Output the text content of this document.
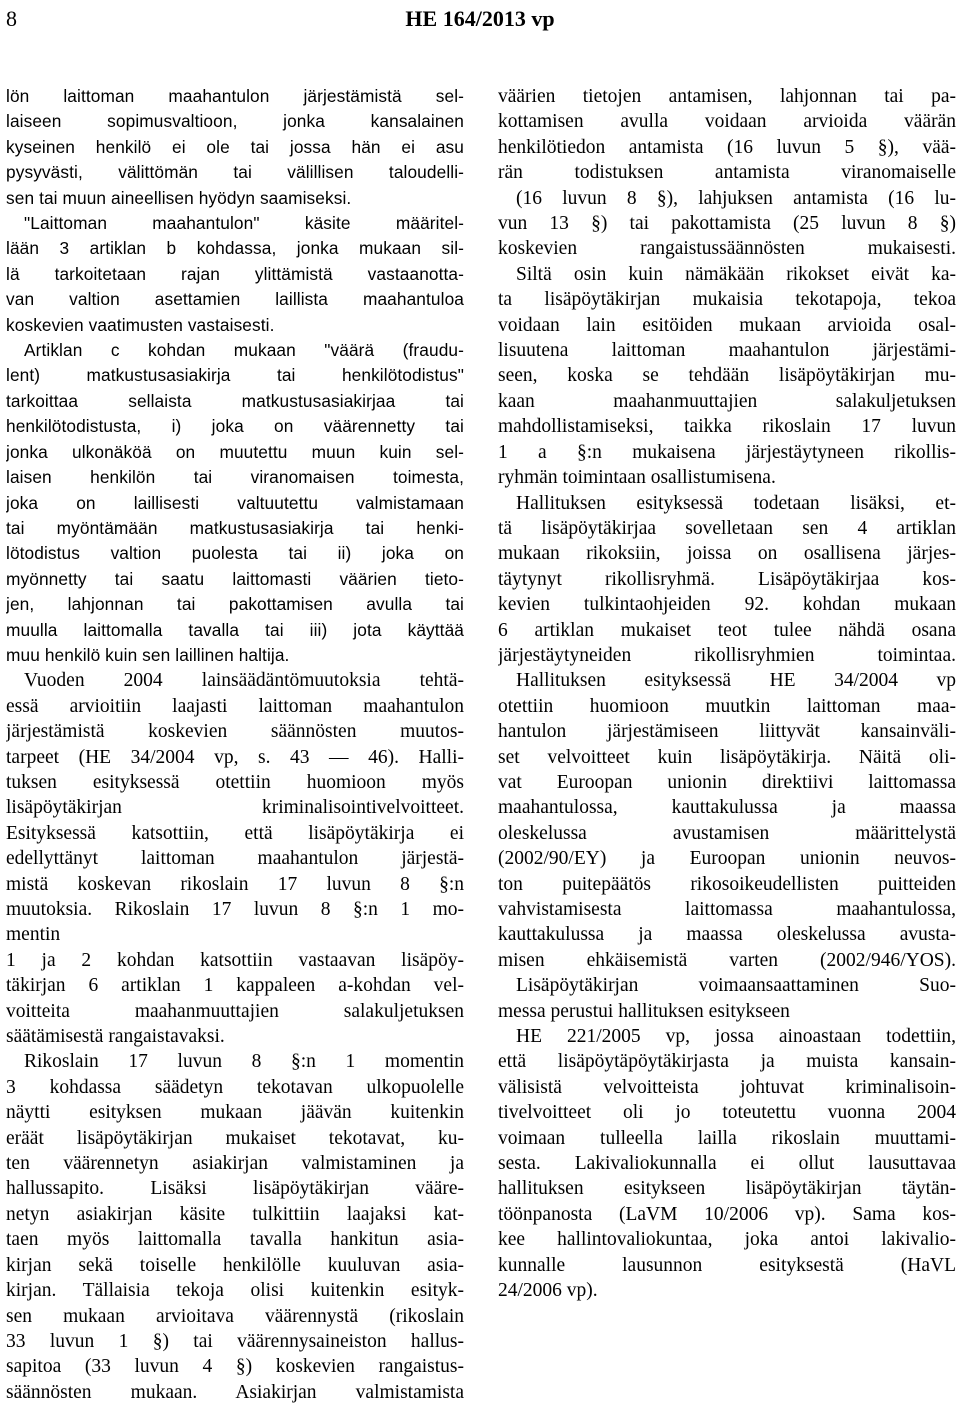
8	HE 164/2013 vp
lön laittoman maahantulon järjestämistä sel-
laiseen sopimusvaltioon, jonka kansalainen
kyseinen henkilö ei ole tai jossa hän ei asu
pysyvästi, välittömän tai välillisen taloudelli-
sen tai muun aineellisen hyödyn saamiseksi.
"Laittoman maahantulon" käsite määritel-
lään 3 artiklan b kohdassa, jonka mukaan sil-
lä tarkoitetaan rajan ylittämistä vastaanotta-
van valtion asettamien laillista maahantuloa
koskevien vaatimusten vastaisesti.
Artiklan c kohdan mukaan "väärä (fraudu-
lent) matkustusasiakirja tai henkilötodistus"
tarkoittaa sellaista matkustusasiakirjaa tai
henkilötodistusta, i) joka on väärennetty tai
jonka ulkonäköä on muutettu muun kuin sel-
laisen henkilön tai viranomaisen toimesta,
joka on laillisesti valtuutettu valmistamaan
tai myöntämään matkustusasiakirja tai henki-
lötodistus valtion puolesta tai ii) joka on
myönnetty tai saatu laittomasti väärien tieto-
jen, lahjonnan tai pakottamisen avulla tai
muulla laittomalla tavalla tai iii) jota käyttää
muu henkilö kuin sen laillinen haltija.
Vuoden 2004 lainsäädäntömuutoksia tehtä-
essä arvioitiin laajasti laittoman maahantulon
järjestämistä koskevien säännösten muutos-
tarpeet (HE 34/2004 vp, s. 43 — 46). Halli-
tuksen esityksessä otettiin huomioon myös
lisäpöytäkirjan kriminalisointivelvoitteet.
Esityksessä katsottiin, että lisäpöytäkirja ei
edellyttänyt laittoman maahantulon järjestä-
mistä koskevan rikoslain 17 luvun 8 §:n
muutoksia. Rikoslain 17 luvun 8 §:n 1 mo-
mentin
1 ja 2 kohdan katsottiin vastaavan lisäpöy-
täkirjan 6 artiklan 1 kappaleen a-kohdan vel-
voitteita maahanmuuttajien salakuljetuksen
säätämisestä rangaistavaksi.
Rikoslain 17 luvun 8 §:n 1 momentin
3 kohdassa säädetyn tekotavan ulkopuolelle
näytti esityksen mukaan jäävän kuitenkin
eräät lisäpöytäkirjan mukaiset tekotavat, ku-
ten väärennetyn asiakirjan valmistaminen ja
hallussapito. Lisäksi lisäpöytäkirjan vääre-
netyn asiakirjan käsite tulkittiin laajaksi kat-
taen myös laittomalla tavalla hankitun asia-
kirjan sekä toiselle henkilölle kuuluvan asia-
kirjan. Tällaisia tekoja olisi kuitenkin esityk-
sen mukaan arvioitava väärennystä (rikoslain
33 luvun 1 §) tai väärennysaineiston hallus-
sapitoa (33 luvun 4 §) koskevien rangaistus-
säännösten mukaan. Asiakirjan valmistamista
väärien tietojen antamisen, lahjonnan tai pa-
kottamisen avulla voidaan arvioida väärän
henkilötiedon antamista (16 luvun 5 §), vää-
rän todistuksen antamista viranomaiselle
(16 luvun 8 §), lahjuksen antamista (16 lu-
vun 13 §) tai pakottamista (25 luvun 8 §)
koskevien rangaistussäännösten mukaisesti.
Siltä osin kuin nämäkään rikokset eivät ka-
ta lisäpöytäkirjan mukaisia tekotapoja, tekoa
voidaan lain esitöiden mukaan arvioida osal-
lisuutena laittoman maahantulon järjestämi-
seen, koska se tehdään lisäpöytäkirjan mu-
kaan maahanmuuttajien salakuljetuksen
mahdollistamiseksi, taikka rikoslain 17 luvun
1 a §:n mukaisena järjestäytyneen rikollis-
ryhmän toimintaan osallistumisena.
Hallituksen esityksessä todetaan lisäksi, et-
tä lisäpöytäkirjaa sovelletaan sen 4 artiklan
mukaan rikoksiin, joissa on osallisena järjes-
täytynyt rikollisryhmä. Lisäpöytäkirjaa kos-
kevien tulkintaohjeiden 92. kohdan mukaan
6 artiklan mukaiset teot tulee nähdä osana
järjestäytyneiden rikollisryhmien toimintaa.
Hallituksen esityksessä HE 34/2004 vp
otettiin huomioon muutkin laittoman maa-
hantulon järjestämiseen liittyvät kansainväli-
set velvoitteet kuin lisäpöytäkirja. Näitä oli-
vat Euroopan unionin direktiivi laittomassa
maahantulossa, kauttakulussa ja maassa
oleskelussa avustamisen määrittelystä
(2002/90/EY) ja Euroopan unionin neuvos-
ton puitepäätös rikosoikeudellisten puitteiden
vahvistamisesta laittomassa maahantulossa,
kauttakulussa ja maassa oleskelussa avusta-
misen ehkäisemistä varten (2002/946/YOS).
Lisäpöytäkirjan voimaansaattaminen Suo-
messa perustui hallituksen esitykseen
HE 221/2005 vp, jossa ainoastaan todettiin,
että lisäpöytäpöytäkirjasta ja muista kansain-
välisistä velvoitteista johtuvat kriminalisoin-
tivelvoitteet oli jo toteutettu vuonna 2004
voimaan tulleella lailla rikoslain muuttami-
sesta. Lakivaliokunnalla ei ollut lausuttavaa
hallituksen esitykseen lisäpöytäkirjan täytän-
töönpanosta (LaVM 10/2006 vp). Sama kos-
kee hallintovaliokuntaa, joka antoi lakivalio-
kunnalle lausunnon esityksestä (HaVL
24/2006 vp).
